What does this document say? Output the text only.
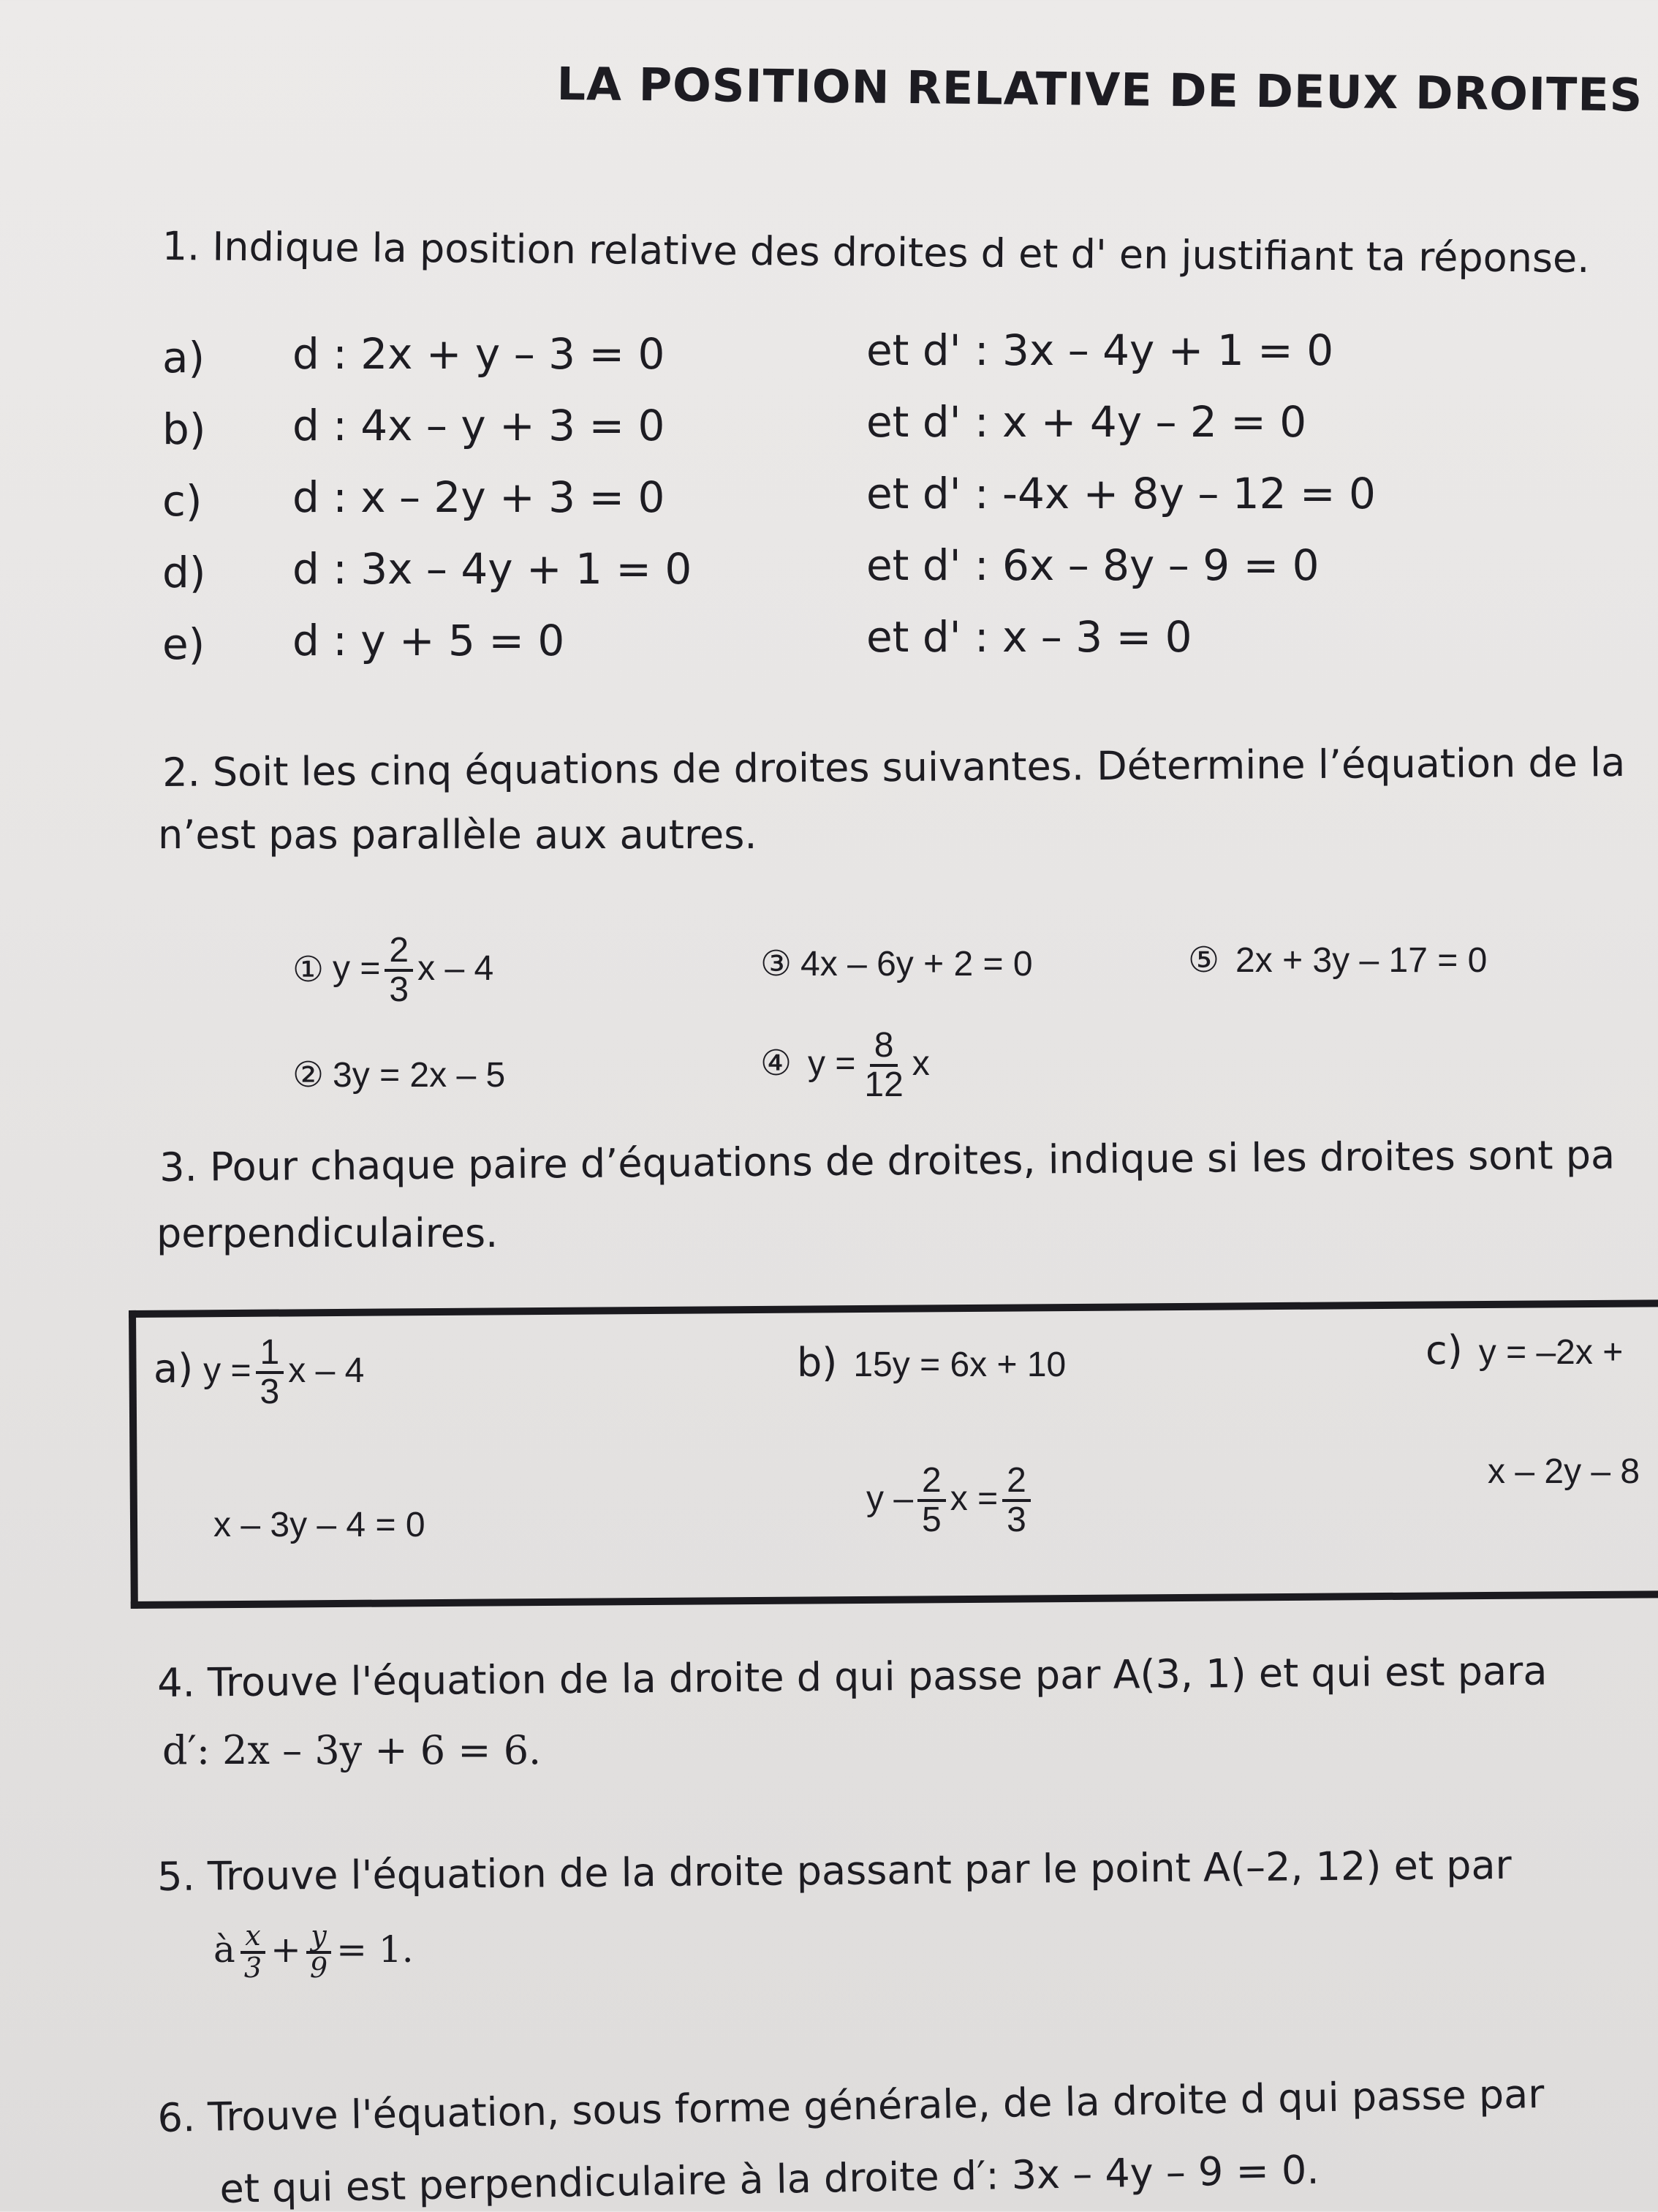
LA POSITION RELATIVE DE DEUX DROITES
1. Indique la position relative des droites d et d' en justifiant ta réponse.
a) d : 2x + y – 3 = 0	et d' : 3x – 4y + 1 = 0
b) d : 4x – y + 3 = 0	et d' : x + 4y – 2 = 0
c) d : x – 2y + 3 = 0	et d' : -4x + 8y – 12 = 0
d) d : 3x – 4y + 1 = 0	et d' : 6x – 8y – 9 = 0
e) d : y + 5 = 0	et d' : x – 3 = 0
2. Soit les cinq équations de droites suivantes. Détermine l’équation de la
n’est pas parallèle aux autres.
① $y = \frac{2}{3}$ x – 4
② 3y = 2x – 5
③ 4x – 6y + 2 = 0
④ $y = \frac{8}{12}$ x
⑤ 2x + 3y – 17 = 0
3. Pour chaque paire d’équations de droites, indique si les droites sont pa
perpendiculaires.
a) $y = \frac{1}{3}$ x – 4
x – 3y – 4 = 0
b) 15y = 6x + 10
y – $\frac{2}{5}$ $x = \frac{2}{3}$
c) y = –2x +
x – 2y – 8
4. Trouve l'équation de la droite d qui passe par A(3, 1) et qui est para
d′: 2x – 3y + 6 = 6.
5. Trouve l'équation de la droite passant par le point A(–2, 12) et par
à $\frac{x}{3} + \frac{y}{9} = 1$.
6. Trouve l'équation, sous forme générale, de la droite d qui passe par
et qui est perpendiculaire à la droite d′: 3x – 4y – 9 = 0.
